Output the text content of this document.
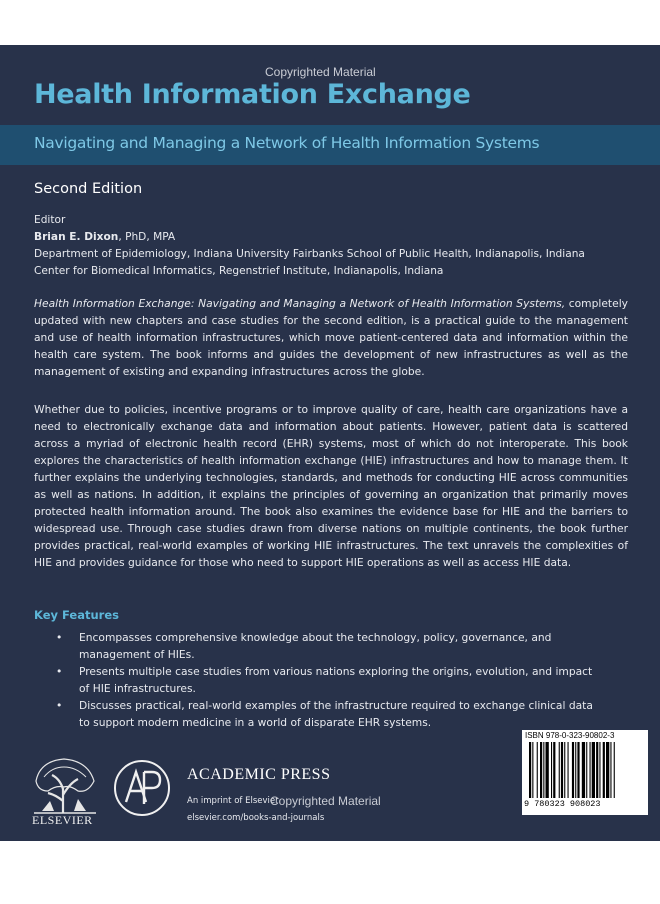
Copyrighted Material
Health Information Exchange
Navigating and Managing a Network of Health Information Systems
Second Edition
Editor
Brian E. Dixon, PhD, MPA
Department of Epidemiology, Indiana University Fairbanks School of Public Health, Indianapolis, Indiana
Center for Biomedical Informatics, Regenstrief Institute, Indianapolis, Indiana

Health Information Exchange: Navigating and Managing a Network of Health Information Systems, completely updated with new chapters and case studies for the second edition, is a practical guide to the management and use of health information infrastructures, which move patient-centered data and information within the health care system. The book informs and guides the development of new infrastructures as well as the management of existing and expanding infrastructures across the globe.

Whether due to policies, incentive programs or to improve quality of care, health care organizations have a need to electronically exchange data and information about patients. However, patient data is scattered across a myriad of electronic health record (EHR) systems, most of which do not interoperate. This book explores the characteristics of health information exchange (HIE) infrastructures and how to manage them. It further explains the underlying technologies, standards, and methods for conducting HIE across communities as well as nations. In addition, it explains the principles of governing an organization that primarily moves protected health information around. The book also examines the evidence base for HIE and the barriers to widespread use. Through case studies drawn from diverse nations on multiple continents, the book further provides practical, real-world examples of working HIE infrastructures. The text unravels the complexities of HIE and provides guidance for those who need to support HIE operations as well as access HIE data.

Key Features
• Encompasses comprehensive knowledge about the technology, policy, governance, and management of HIEs.
• Presents multiple case studies from various nations exploring the origins, evolution, and impact of HIE infrastructures.
• Discusses practical, real-world examples of the infrastructure required to exchange clinical data to support modern medicine in a world of disparate EHR systems.
ELSEVIER
ACADEMIC PRESS
An imprint of Elsevier
elsevier.com/books-and-journals
Copyrighted Material
ISBN 978-0-323-90802-3
9 780323 908023
